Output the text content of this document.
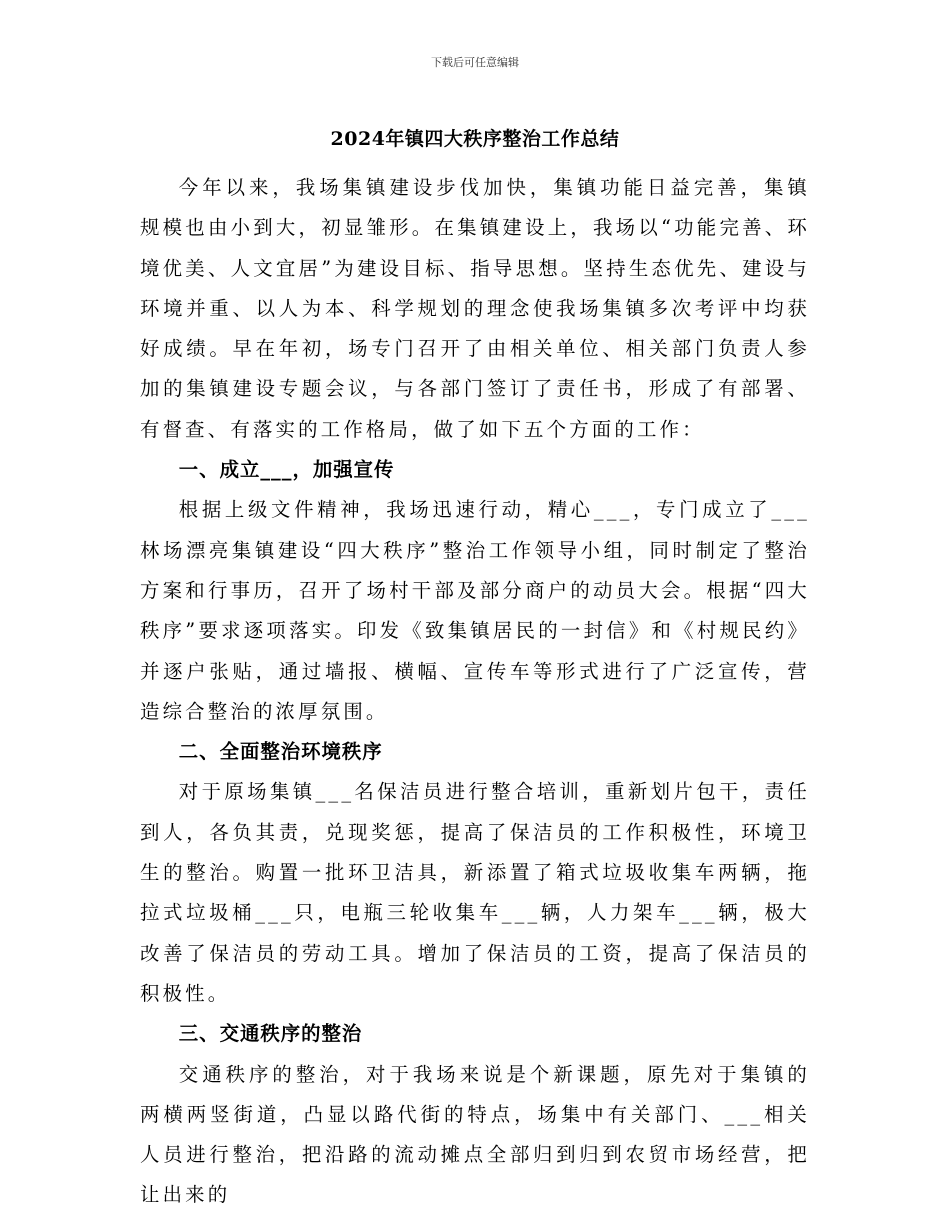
下载后可任意编辑
2024年镇四大秩序整治工作总结

今年以来，我场集镇建设步伐加快，集镇功能日益完善，集镇规模也由小到大，初显雏形。在集镇建设上，我场以“功能完善、环境优美、人文宜居”为建设目标、指导思想。坚持生态优先、建设与环境并重、以人为本、科学规划的理念使我场集镇多次考评中均获好成绩。早在年初，场专门召开了由相关单位、相关部门负责人参加的集镇建设专题会议，与各部门签订了责任书，形成了有部署、有督查、有落实的工作格局，做了如下五个方面的工作：

一、成立___，加强宣传

根据上级文件精神，我场迅速行动，精心___，专门成立了___林场漂亮集镇建设“四大秩序”整治工作领导小组，同时制定了整治方案和行事历，召开了场村干部及部分商户的动员大会。根据“四大秩序”要求逐项落实。印发《致集镇居民的一封信》和《村规民约》并逐户张贴，通过墙报、横幅、宣传车等形式进行了广泛宣传，营造综合整治的浓厚氛围。

二、全面整治环境秩序

对于原场集镇___名保洁员进行整合培训，重新划片包干，责任到人，各负其责，兑现奖惩，提高了保洁员的工作积极性，环境卫生的整治。购置一批环卫洁具，新添置了箱式垃圾收集车两辆，拖拉式垃圾桶___只，电瓶三轮收集车___辆，人力架车___辆，极大改善了保洁员的劳动工具。增加了保洁员的工资，提高了保洁员的积极性。

三、交通秩序的整治

交通秩序的整治，对于我场来说是个新课题，原先对于集镇的两横两竖街道，凸显以路代街的特点，场集中有关部门、___相关人员进行整治，把沿路的流动摊点全部归到归到农贸市场经营，把让出来的
